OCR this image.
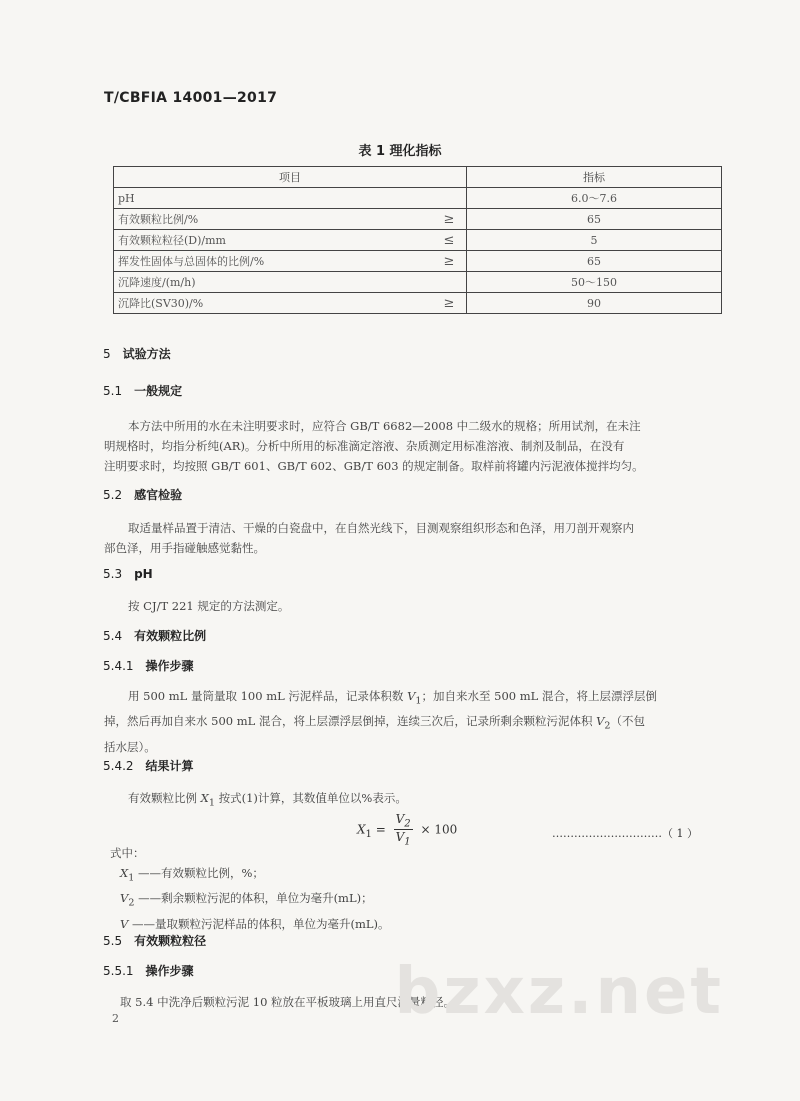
T/CBFIA 14001—2017
表 1 理化指标
项目		指标
pH		6.0～7.6
有效颗粒比例/%	≥	65
有效颗粒粒径(D)/mm	≤	5
挥发性固体与总固体的比例/%	≥	65
沉降速度/(m/h)		50～150
沉降比(SV30)/%	≥	90
5 试验方法
5.1 一般规定
本方法中所用的水在未注明要求时，应符合 GB/T 6682—2008 中二级水的规格；所用试剂，在未注
明规格时，均指分析纯(AR)。分析中所用的标准滴定溶液、杂质测定用标准溶液、制剂及制品，在没有
注明要求时，均按照 GB/T 601、GB/T 602、GB/T 603 的规定制备。取样前将罐内污泥液体搅拌均匀。
5.2 感官检验
取适量样品置于清洁、干燥的白瓷盘中，在自然光线下，目测观察组织形态和色泽，用刀剖开观察内
部色泽，用手指碰触感觉黏性。
5.3 pH
按 CJ/T 221 规定的方法测定。
5.4 有效颗粒比例
5.4.1 操作步骤
用 500 mL 量筒量取 100 mL 污泥样品，记录体积数 $V_1$；加自来水至 500 mL 混合，将上层漂浮层倒
掉，然后再加自来水 500 mL 混合，将上层漂浮层倒掉，连续三次后，记录所剩余颗粒污泥体积 $V_2$（不包
括水层）。
5.4.2 结果计算
有效颗粒比例 $X_1$ 按式(1)计算，其数值单位以%表示。
$X_1 = \frac{V_2}{V_1} \times 100$	…………………………（ 1 ）
式中：
$X_1$ ——有效颗粒比例，%；
$V_2$ ——剩余颗粒污泥的体积，单位为毫升(mL)；
V ——量取颗粒污泥样品的体积，单位为毫升(mL)。
5.5 有效颗粒粒径
5.5.1 操作步骤
取 5.4 中洗净后颗粒污泥 10 粒放在平板玻璃上用直尺测量粒径。
bzxz.net
2
